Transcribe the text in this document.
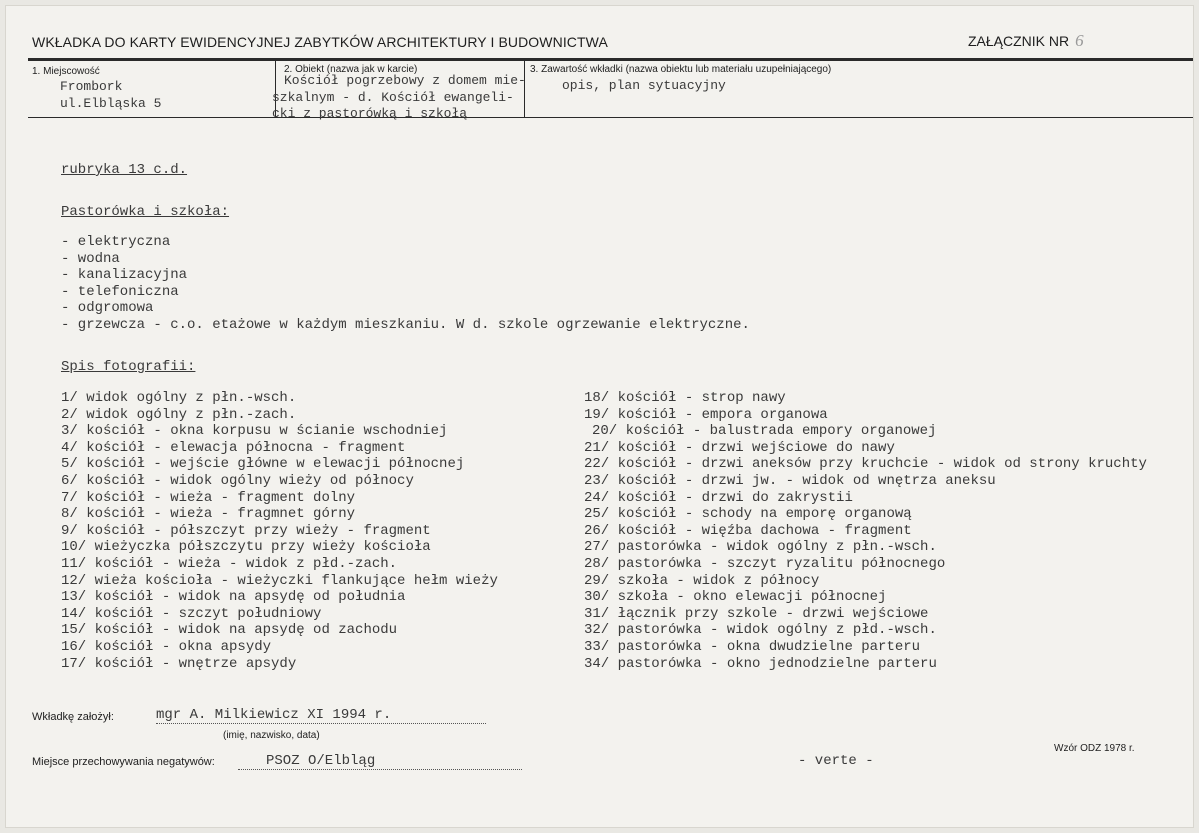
WKŁADKA DO KARTY EWIDENCYJNEJ ZABYTKÓW ARCHITEKTURY I BUDOWNICTWA	ZAŁĄCZNIK NR 6
1. Miejscowość
Frombork
ul.Elbląska 5
2. Obiekt (nazwa jak w karcie)
Kościół pogrzebowy z domem mie-
szkalnym - d. Kościół ewangeli-
cki z pastorówką i szkołą
3. Zawartość wkładki (nazwa obiektu lub materiału uzupełniającego)
opis, plan sytuacyjny
rubryka 13 c.d.
Pastorówka i szkoła:
- elektryczna
- wodna
- kanalizacyjna
- telefoniczna
- odgromowa
- grzewcza - c.o. etażowe w każdym mieszkaniu. W d. szkole ogrzewanie elektryczne.
Spis fotografii:
1/ widok ogólny z płn.-wsch.
2/ widok ogólny z płn.-zach.
3/ kościół - okna korpusu w ścianie wschodniej
4/ kościół - elewacja północna - fragment
5/ kościół - wejście główne w elewacji północnej
6/ kościół - widok ogólny wieży od północy
7/ kościół - wieża - fragment dolny
8/ kościół - wieża - fragmnet górny
9/ kościół - półszczyt przy wieży - fragment
10/ wieżyczka półszczytu przy wieży kościoła
11/ kościół - wieża - widok z płd.-zach.
12/ wieża kościoła - wieżyczki flankujące hełm wieży
13/ kościół - widok na apsydę od południa
14/ kościół - szczyt południowy
15/ kościół - widok na apsydę od zachodu
16/ kościół - okna apsydy
17/ kościół - wnętrze apsydy
18/ kościół - strop nawy
19/ kościół - empora organowa
20/ kościół - balustrada empory organowej
21/ kościół - drzwi wejściowe do nawy
22/ kościół - drzwi aneksów przy kruchcie - widok od strony kruchty
23/ kościół - drzwi jw. - widok od wnętrza aneksu
24/ kościół - drzwi do zakrystii
25/ kościół - schody na emporę organową
26/ kościół - więźba dachowa - fragment
27/ pastorówka - widok ogólny z płn.-wsch.
28/ pastorówka - szczyt ryzalitu północnego
29/ szkoła - widok z północy
30/ szkoła - okno elewacji północnej
31/ łącznik przy szkole - drzwi wejściowe
32/ pastorówka - widok ogólny z płd.-wsch.
33/ pastorówka - okna dwudzielne parteru
34/ pastorówka - okno jednodzielne parteru
Wkładkę założył:	mgr A. Milkiewicz XI 1994 r.
(imię, nazwisko, data)
Miejsce przechowywania negatywów:	PSOZ O/Elbląg	- verte -
Wzór ODZ 1978 r.
